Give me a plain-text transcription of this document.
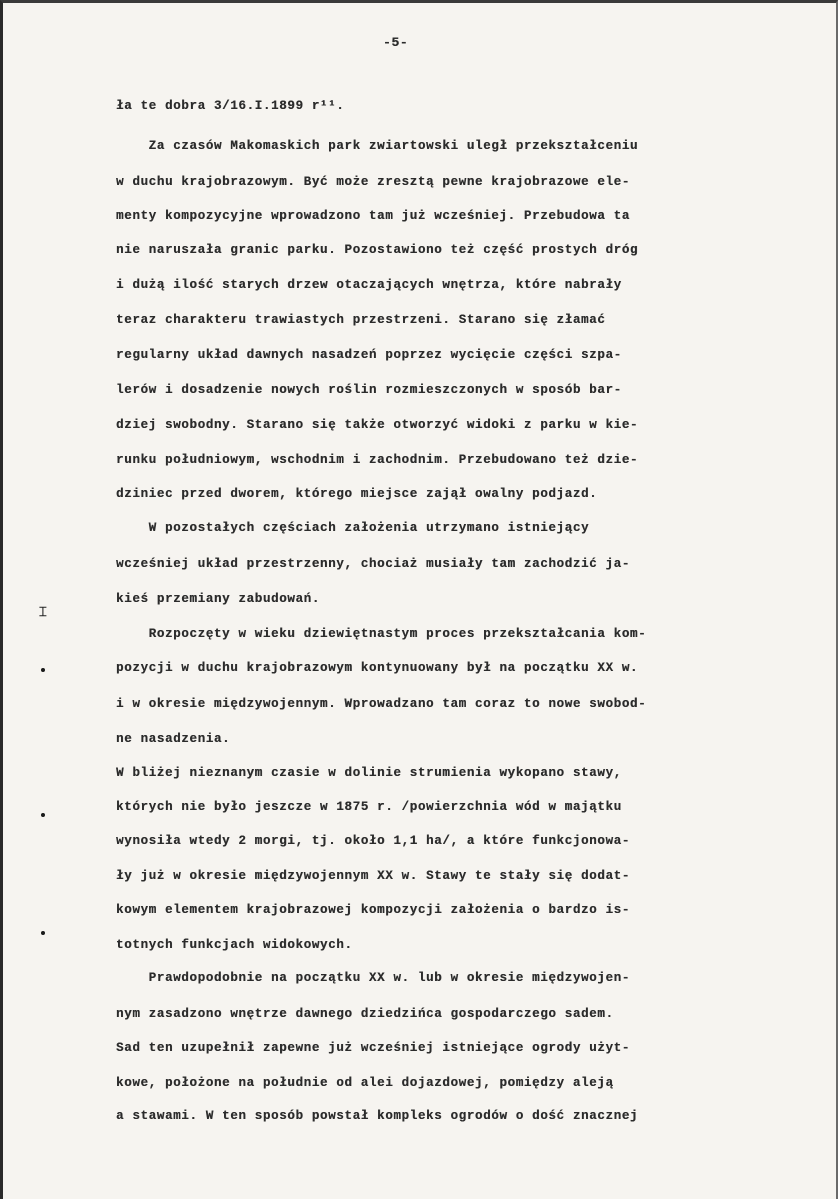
-5-
ła te dobra 3/16.I.1899 r¹¹.
Za czasów Makomaskich park zwiartowski uległ przekształceniu
w duchu krajobrazowym. Być może zresztą pewne krajobrazowe ele-
menty kompozycyjne wprowadzono tam już wcześniej. Przebudowa ta
nie naruszała granic parku. Pozostawiono też część prostych dróg
i dużą ilość starych drzew otaczających wnętrza, które nabrały
teraz charakteru trawiastych przestrzeni. Starano się złamać
regularny układ dawnych nasadzeń poprzez wycięcie części szpa-
lerów i dosadzenie nowych roślin rozmieszczonych w sposób bar-
dziej swobodny. Starano się także otworzyć widoki z parku w kie-
runku południowym, wschodnim i zachodnim. Przebudowano też dzie-
dziniec przed dworem, którego miejsce zajął owalny podjazd.
W pozostałych częściach założenia utrzymano istniejący
wcześniej układ przestrzenny, chociaż musiały tam zachodzić ja-
kieś przemiany zabudowań.
Rozpoczęty w wieku dziewiętnastym proces przekształcania kom-
pozycji w duchu krajobrazowym kontynuowany był na początku XX w.
i w okresie międzywojennym. Wprowadzano tam coraz to nowe swobod-
ne nasadzenia.
W bliżej nieznanym czasie w dolinie strumienia wykopano stawy,
których nie było jeszcze w 1875 r. /powierzchnia wód w majątku
wynosiła wtedy 2 morgi, tj. około 1,1 ha/, a które funkcjonowa-
ły już w okresie międzywojennym XX w. Stawy te stały się dodat-
kowym elementem krajobrazowej kompozycji założenia o bardzo is-
totnych funkcjach widokowych.
Prawdopodobnie na początku XX w. lub w okresie międzywojen-
nym zasadzono wnętrze dawnego dziedzińca gospodarczego sadem.
Sad ten uzupełnił zapewne już wcześniej istniejące ogrody użyt-
kowe, położone na południe od alei dojazdowej, pomiędzy aleją
a stawami. W ten sposób powstał kompleks ogrodów o dość znacznej
⌶
